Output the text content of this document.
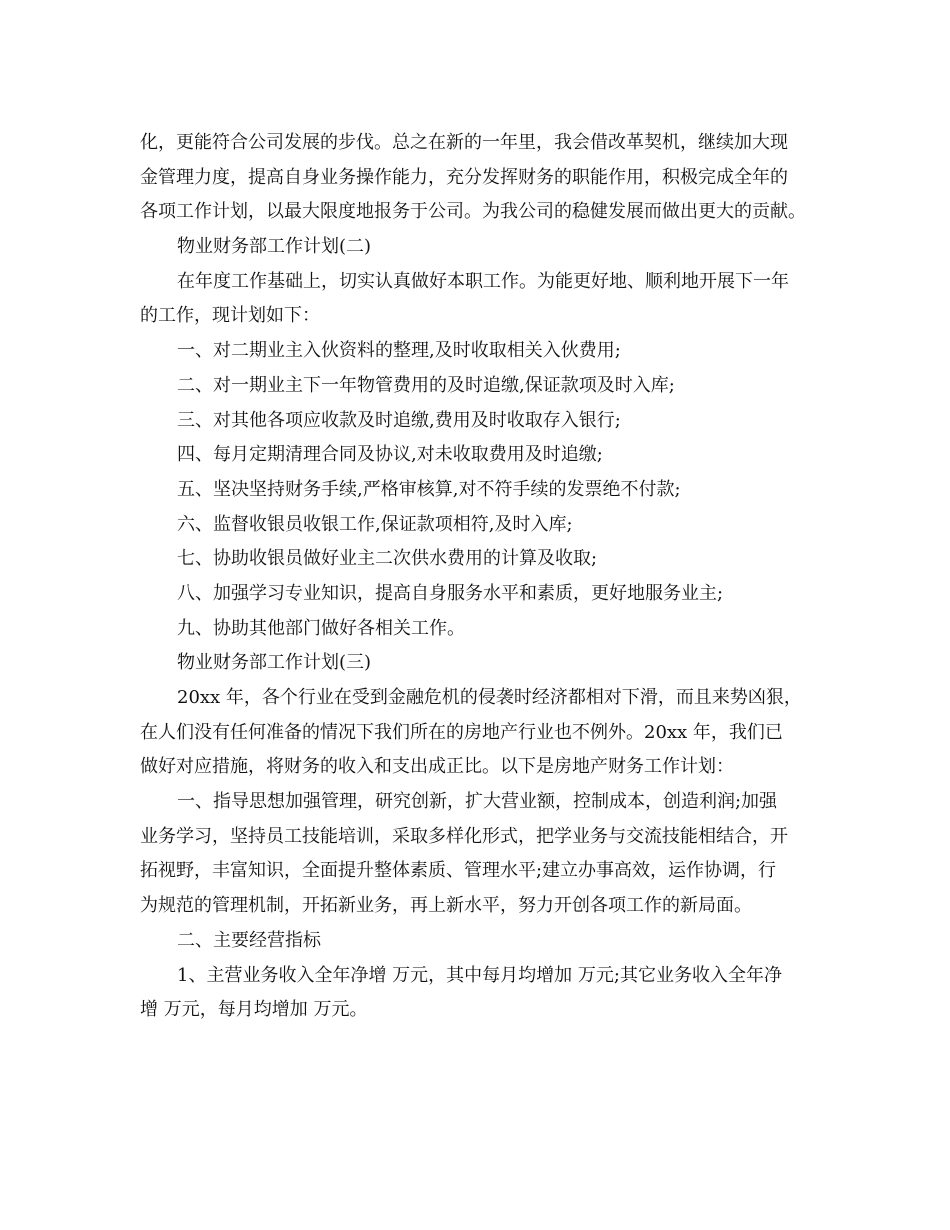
化，更能符合公司发展的步伐。总之在新的一年里，我会借改革契机，继续加大现
金管理力度，提高自身业务操作能力，充分发挥财务的职能作用，积极完成全年的
各项工作计划，以最大限度地报务于公司。为我公司的稳健发展而做出更大的贡献。
物业财务部工作计划(二)
在年度工作基础上，切实认真做好本职工作。为能更好地、顺利地开展下一年
的工作，现计划如下：
一、对二期业主入伙资料的整理,及时收取相关入伙费用;
二、对一期业主下一年物管费用的及时追缴,保证款项及时入库;
三、对其他各项应收款及时追缴,费用及时收取存入银行;
四、每月定期清理合同及协议,对未收取费用及时追缴;
五、坚决坚持财务手续,严格审核算,对不符手续的发票绝不付款;
六、监督收银员收银工作,保证款项相符,及时入库;
七、协助收银员做好业主二次供水费用的计算及收取;
八、加强学习专业知识，提高自身服务水平和素质，更好地服务业主;
九、协助其他部门做好各相关工作。
物业财务部工作计划(三)
20xx 年，各个行业在受到金融危机的侵袭时经济都相对下滑，而且来势凶狠，
在人们没有任何准备的情况下我们所在的房地产行业也不例外。20xx 年，我们已
做好对应措施，将财务的收入和支出成正比。以下是房地产财务工作计划：
一、指导思想加强管理，研究创新，扩大营业额，控制成本，创造利润;加强
业务学习，坚持员工技能培训，采取多样化形式，把学业务与交流技能相结合，开
拓视野，丰富知识，全面提升整体素质、管理水平;建立办事高效，运作协调，行
为规范的管理机制，开拓新业务，再上新水平，努力开创各项工作的新局面。
二、主要经营指标
1、主营业务收入全年净增 万元，其中每月均增加 万元;其它业务收入全年净
增 万元，每月均增加 万元。
